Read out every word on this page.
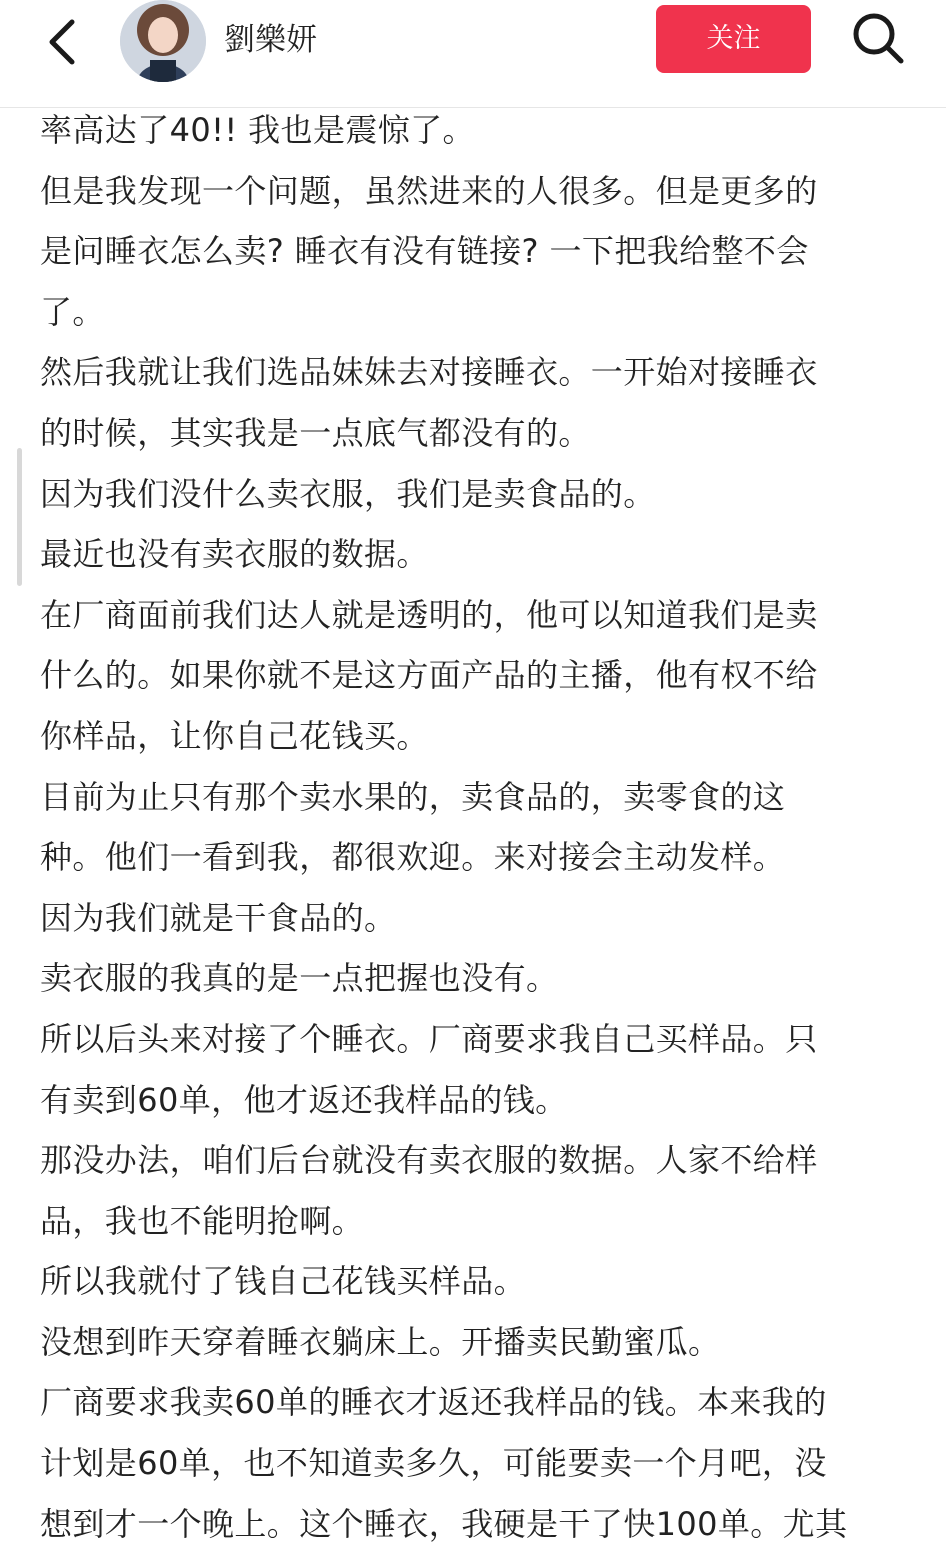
劉樂妍	关注
率高达了40!! 我也是震惊了。
但是我发现一个问题，虽然进来的人很多。但是更多的
是问睡衣怎么卖? 睡衣有没有链接? 一下把我给整不会
了。
然后我就让我们选品妹妹去对接睡衣。一开始对接睡衣
的时候，其实我是一点底气都没有的。
因为我们没什么卖衣服，我们是卖食品的。
最近也没有卖衣服的数据。
在厂商面前我们达人就是透明的，他可以知道我们是卖
什么的。如果你就不是这方面产品的主播，他有权不给
你样品，让你自己花钱买。
目前为止只有那个卖水果的，卖食品的，卖零食的这
种。他们一看到我，都很欢迎。来对接会主动发样。
因为我们就是干食品的。
卖衣服的我真的是一点把握也没有。
所以后头来对接了个睡衣。厂商要求我自己买样品。只
有卖到60单，他才返还我样品的钱。
那没办法，咱们后台就没有卖衣服的数据。人家不给样
品，我也不能明抢啊。
所以我就付了钱自己花钱买样品。
没想到昨天穿着睡衣躺床上。开播卖民勤蜜瓜。
厂商要求我卖60单的睡衣才返还我样品的钱。本来我的
计划是60单，也不知道卖多久，可能要卖一个月吧，没
想到才一个晚上。这个睡衣，我硬是干了快100单。尤其
